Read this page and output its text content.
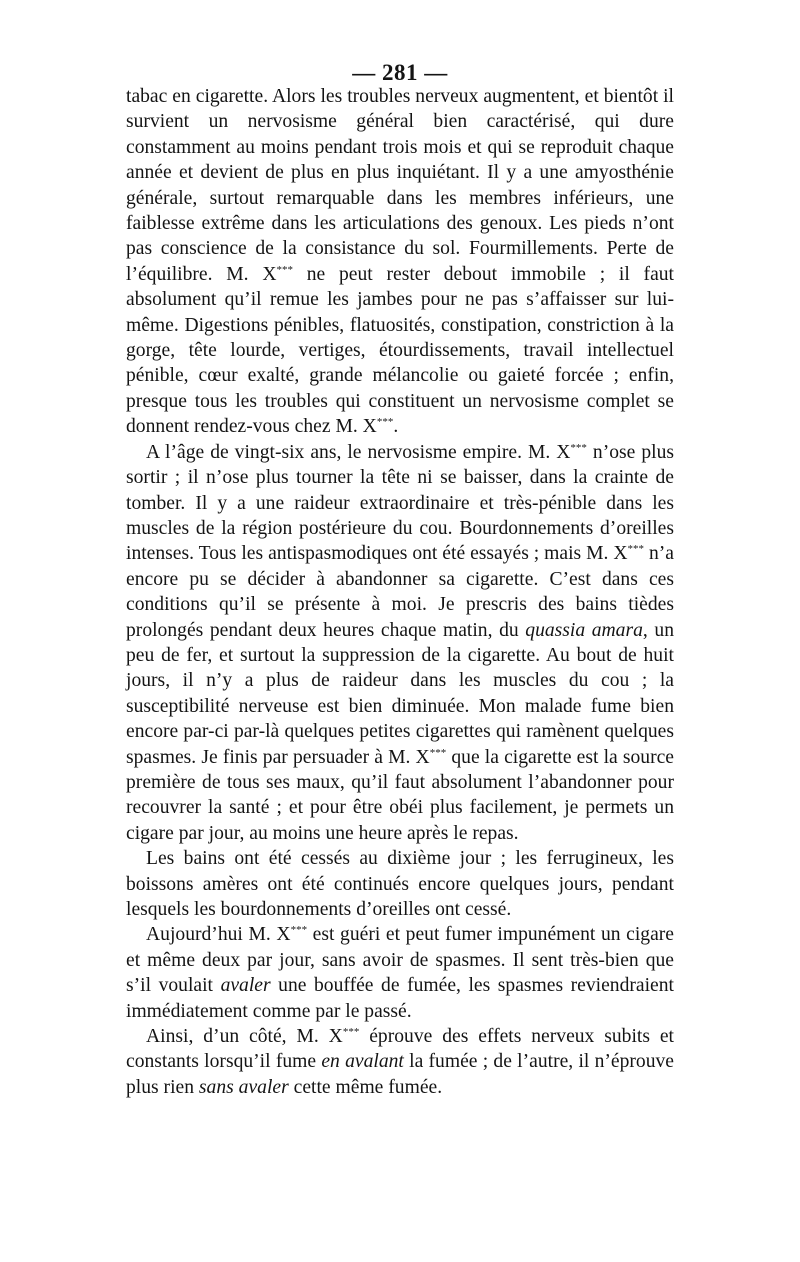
— 281 —

tabac en cigarette. Alors les troubles nerveux augmentent, et bientôt il survient un nervosisme général bien caractérisé, qui dure constamment au moins pendant trois mois et qui se reproduit chaque année et devient de plus en plus inquiétant. Il y a une amyosthénie générale, surtout remarquable dans les membres inférieurs, une faiblesse extrême dans les articulations des genoux. Les pieds n’ont pas conscience de la consistance du sol. Fourmillements. Perte de l’équilibre. M. X*** ne peut rester debout immobile ; il faut absolument qu’il remue les jambes pour ne pas s’affaisser sur lui-même. Digestions pénibles, flatuosités, constipation, constriction à la gorge, tête lourde, vertiges, étourdissements, travail intellectuel pénible, cœur exalté, grande mélancolie ou gaieté forcée ; enfin, presque tous les troubles qui constituent un nervosisme complet se donnent rendez-vous chez M. X***.

A l’âge de vingt-six ans, le nervosisme empire. M. X*** n’ose plus sortir ; il n’ose plus tourner la tête ni se baisser, dans la crainte de tomber. Il y a une raideur extraordinaire et très-pénible dans les muscles de la région postérieure du cou. Bourdonnements d’oreilles intenses. Tous les antispasmodiques ont été essayés ; mais M. X*** n’a encore pu se décider à abandonner sa cigarette. C’est dans ces conditions qu’il se présente à moi. Je prescris des bains tièdes prolongés pendant deux heures chaque matin, du quassia amara, un peu de fer, et surtout la suppression de la cigarette. Au bout de huit jours, il n’y a plus de raideur dans les muscles du cou ; la susceptibilité nerveuse est bien diminuée. Mon malade fume bien encore par-ci par-là quelques petites cigarettes qui ramènent quelques spasmes. Je finis par persuader à M. X*** que la cigarette est la source première de tous ses maux, qu’il faut absolument l’abandonner pour recouvrer la santé ; et pour être obéi plus facilement, je permets un cigare par jour, au moins une heure après le repas.

Les bains ont été cessés au dixième jour ; les ferrugineux, les boissons amères ont été continués encore quelques jours, pendant lesquels les bourdonnements d’oreilles ont cessé.

Aujourd’hui M. X*** est guéri et peut fumer impunément un cigare et même deux par jour, sans avoir de spasmes. Il sent très-bien que s’il voulait avaler une bouffée de fumée, les spasmes reviendraient immédiatement comme par le passé.

Ainsi, d’un côté, M. X*** éprouve des effets nerveux subits et constants lorsqu’il fume en avalant la fumée ; de l’autre, il n’éprouve plus rien sans avaler cette même fumée.
